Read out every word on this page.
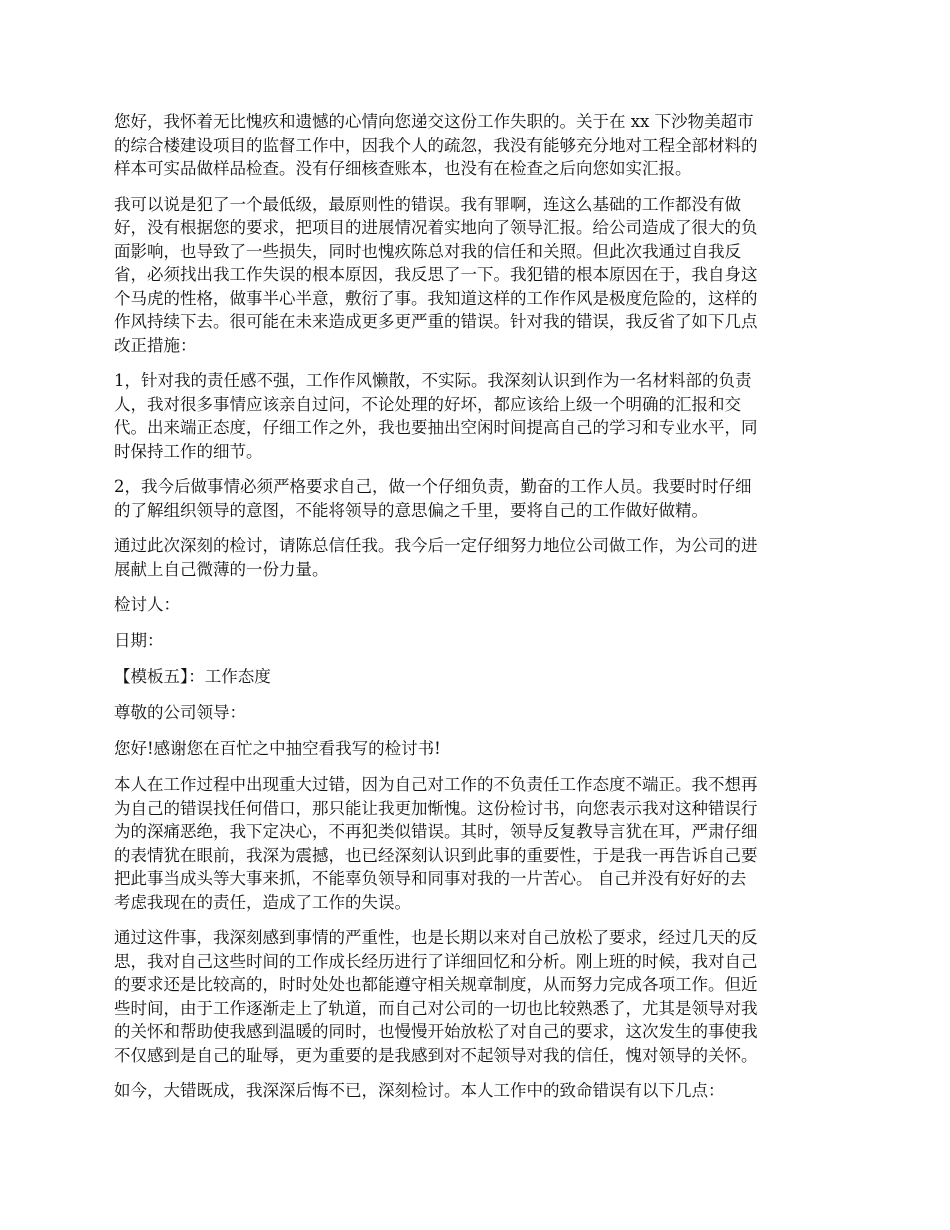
您好，我怀着无比愧疚和遗憾的心情向您递交这份工作失职的。关于在 xx 下沙物美超市
的综合楼建设项目的监督工作中，因我个人的疏忽，我没有能够充分地对工程全部材料的
样本可实品做样品检查。没有仔细核查账本，也没有在检查之后向您如实汇报。
我可以说是犯了一个最低级，最原则性的错误。我有罪啊，连这么基础的工作都没有做
好，没有根据您的要求，把项目的进展情况着实地向了领导汇报。给公司造成了很大的负
面影响，也导致了一些损失，同时也愧疚陈总对我的信任和关照。但此次我通过自我反
省，必须找出我工作失误的根本原因，我反思了一下。我犯错的根本原因在于，我自身这
个马虎的性格，做事半心半意，敷衍了事。我知道这样的工作作风是极度危险的，这样的
作风持续下去。很可能在未来造成更多更严重的错误。针对我的错误，我反省了如下几点
改正措施：
1，针对我的责任感不强，工作作风懒散，不实际。我深刻认识到作为一名材料部的负责
人，我对很多事情应该亲自过问，不论处理的好坏，都应该给上级一个明确的汇报和交
代。出来端正态度，仔细工作之外，我也要抽出空闲时间提高自己的学习和专业水平，同
时保持工作的细节。
2，我今后做事情必须严格要求自己，做一个仔细负责，勤奋的工作人员。我要时时仔细
的了解组织领导的意图，不能将领导的意思偏之千里，要将自己的工作做好做精。
通过此次深刻的检讨，请陈总信任我。我今后一定仔细努力地位公司做工作，为公司的进
展献上自己微薄的一份力量。
检讨人：
日期：
【模板五】：工作态度
尊敬的公司领导：
您好!感谢您在百忙之中抽空看我写的检讨书!
本人在工作过程中出现重大过错，因为自己对工作的不负责任工作态度不端正。我不想再
为自己的错误找任何借口，那只能让我更加惭愧。这份检讨书，向您表示我对这种错误行
为的深痛恶绝，我下定决心，不再犯类似错误。其时，领导反复教导言犹在耳，严肃仔细
的表情犹在眼前，我深为震撼，也已经深刻认识到此事的重要性，于是我一再告诉自己要
把此事当成头等大事来抓，不能辜负领导和同事对我的一片苦心。 自己并没有好好的去
考虑我现在的责任，造成了工作的失误。
通过这件事，我深刻感到事情的严重性，也是长期以来对自己放松了要求，经过几天的反
思，我对自己这些时间的工作成长经历进行了详细回忆和分析。刚上班的时候，我对自己
的要求还是比较高的，时时处处也都能遵守相关规章制度，从而努力完成各项工作。但近
些时间，由于工作逐渐走上了轨道，而自己对公司的一切也比较熟悉了，尤其是领导对我
的关怀和帮助使我感到温暖的同时，也慢慢开始放松了对自己的要求，这次发生的事使我
不仅感到是自己的耻辱，更为重要的是我感到对不起领导对我的信任，愧对领导的关怀。
如今，大错既成，我深深后悔不已，深刻检讨。本人工作中的致命错误有以下几点：
